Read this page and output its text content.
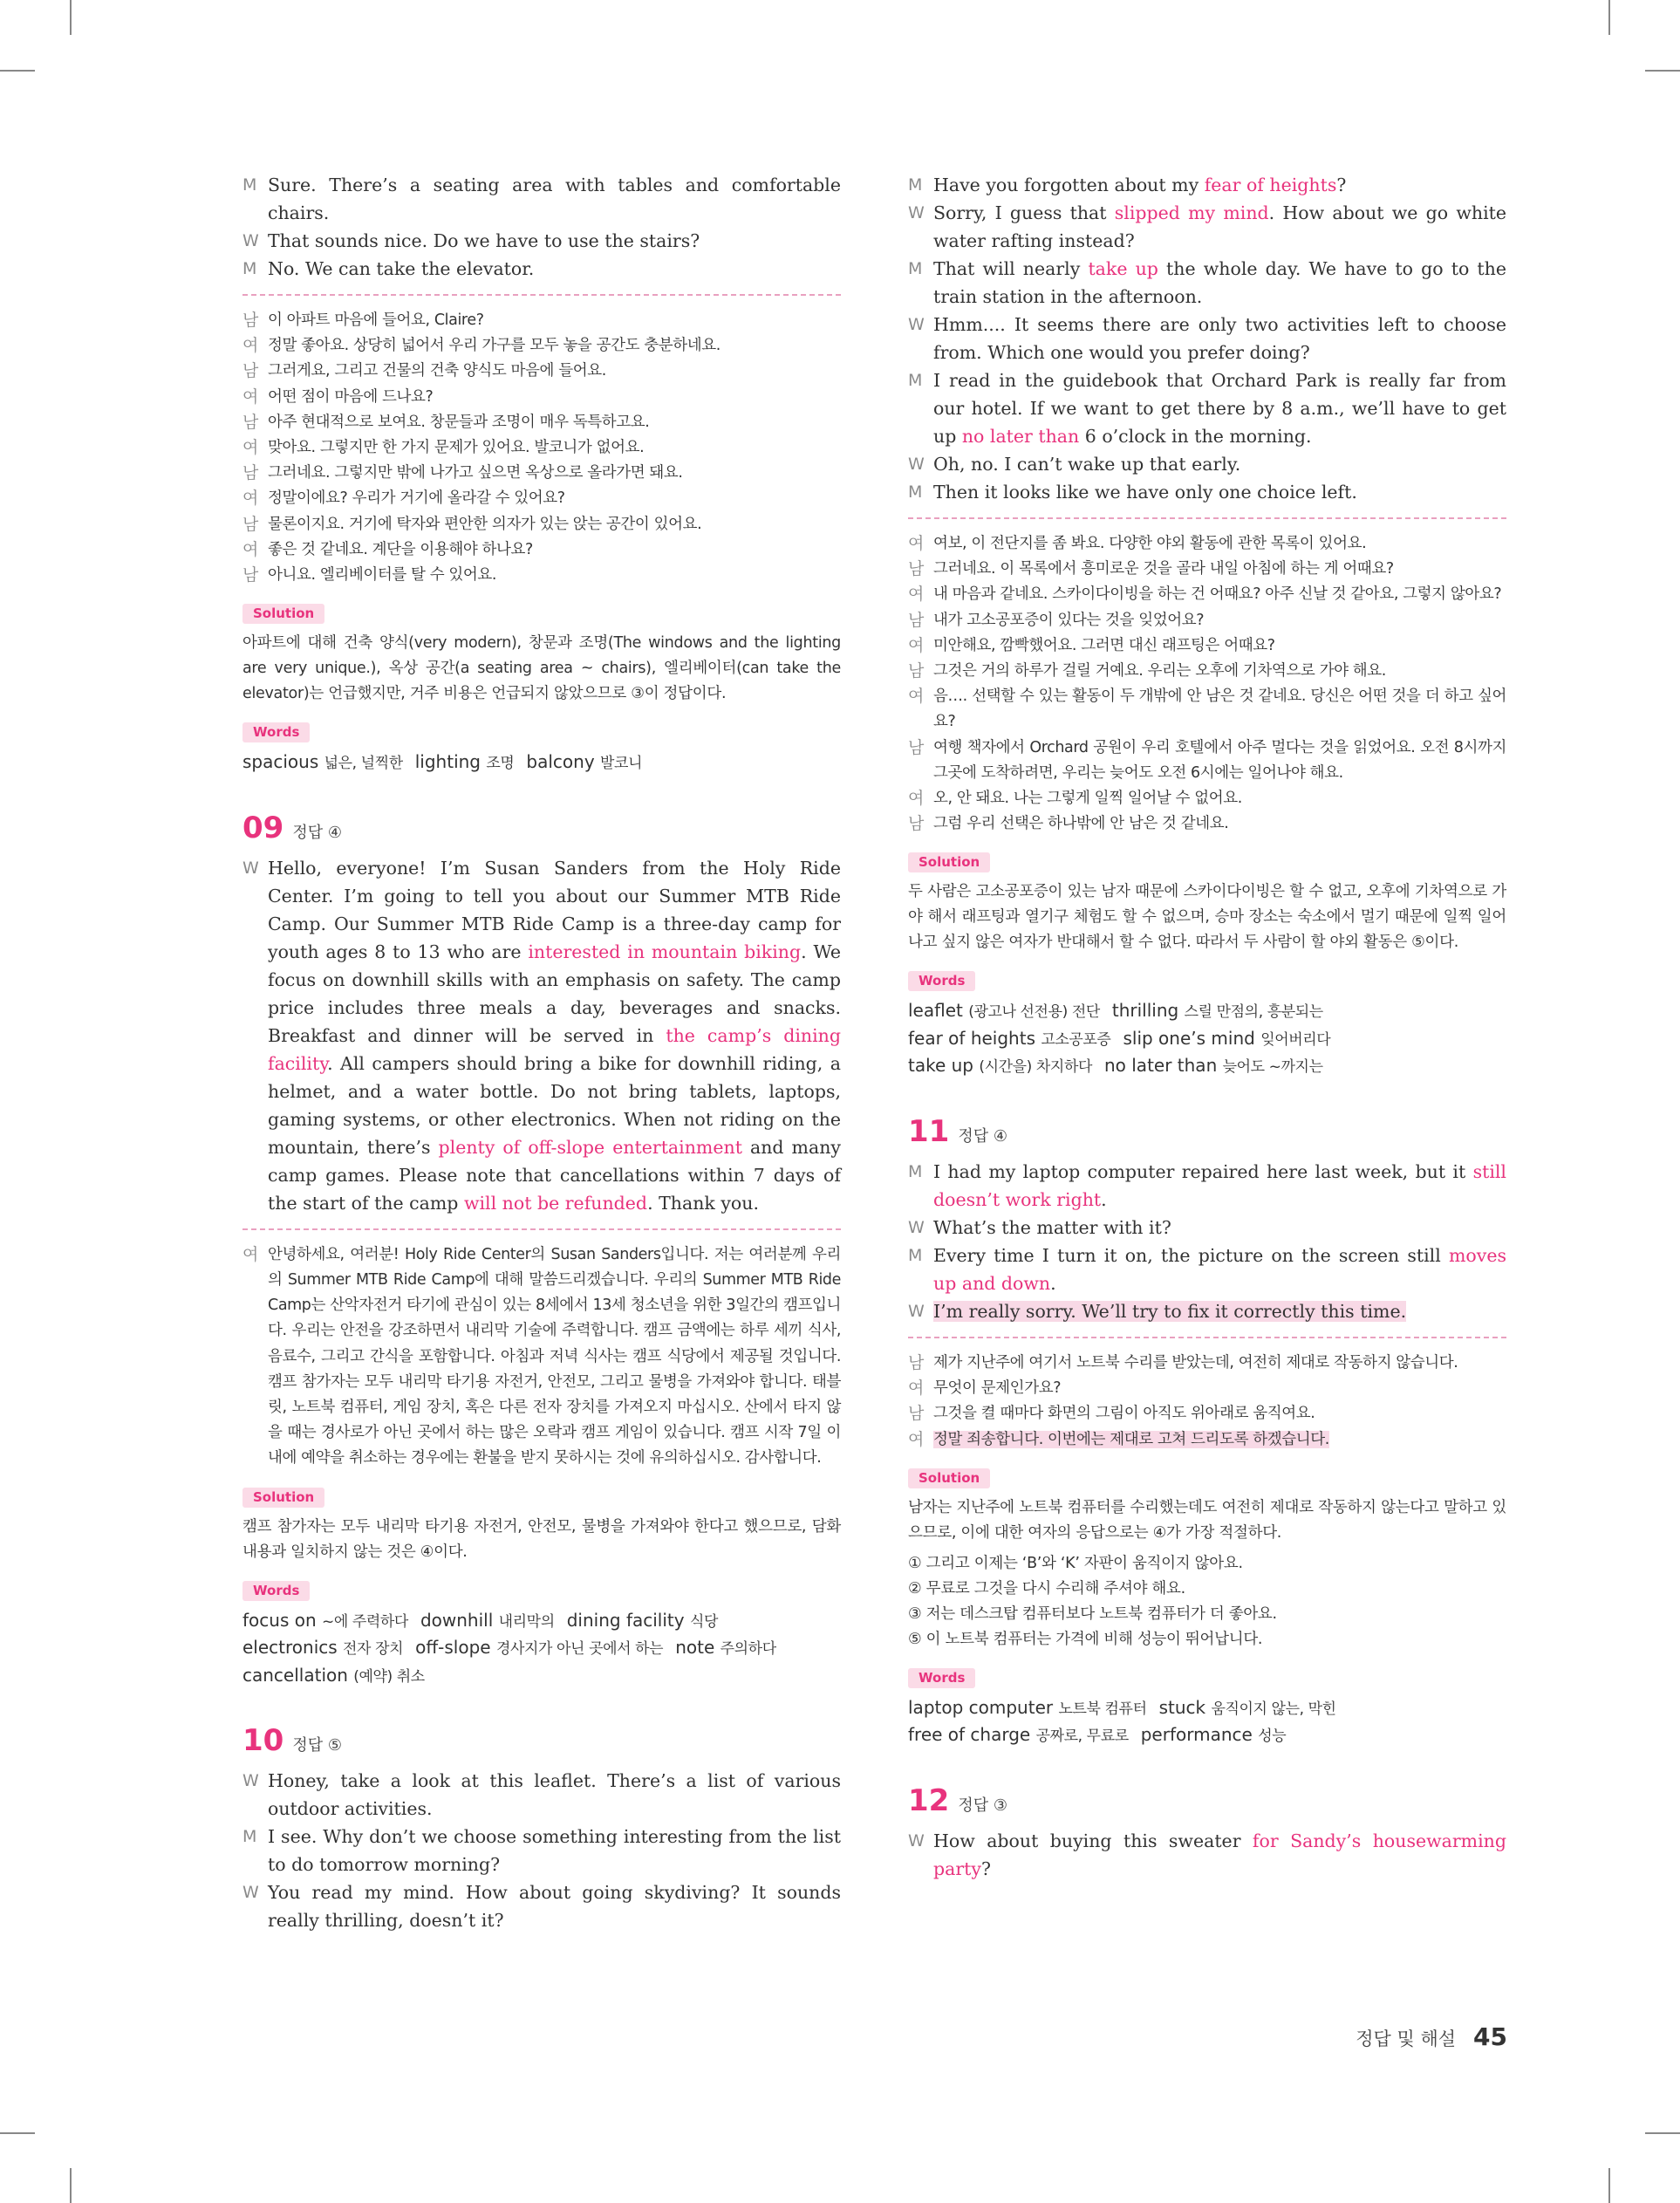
M Sure. There’s a seating area with tables and comfortable chairs.
W That sounds nice. Do we have to use the stairs?
M No. We can take the elevator.
남 이 아파트 마음에 들어요, Claire?
여 정말 좋아요. 상당히 넓어서 우리 가구를 모두 놓을 공간도 충분하네요.
남 그러게요, 그리고 건물의 건축 양식도 마음에 들어요.
여 어떤 점이 마음에 드나요?
남 아주 현대적으로 보여요. 창문들과 조명이 매우 독특하고요.
여 맞아요. 그렇지만 한 가지 문제가 있어요. 발코니가 없어요.
남 그러네요. 그렇지만 밖에 나가고 싶으면 옥상으로 올라가면 돼요.
여 정말이에요? 우리가 거기에 올라갈 수 있어요?
남 물론이지요. 거기에 탁자와 편안한 의자가 있는 앉는 공간이 있어요.
여 좋은 것 같네요. 계단을 이용해야 하나요?
남 아니요. 엘리베이터를 탈 수 있어요.
Solution

아파트에 대해 건축 양식(very modern), 창문과 조명(The windows and the lighting are very unique.), 옥상 공간(a seating area ~ chairs), 엘리베이터(can take the elevator)는 언급했지만, 거주 비용은 언급되지 않았으므로 ③이 정답이다.

Words
spacious 넓은, 널찍한 lighting 조명 balcony 발코니
09 정답 ④
W Hello, everyone! I’m Susan Sanders from the Holy Ride Center. I’m going to tell you about our Summer MTB Ride Camp. Our Summer MTB Ride Camp is a three-day camp for youth ages 8 to 13 who are interested in mountain biking. We focus on downhill skills with an emphasis on safety. The camp price includes three meals a day, beverages and snacks. Breakfast and dinner will be served in the camp’s dining facility. All campers should bring a bike for downhill riding, a helmet, and a water bottle. Do not bring tablets, laptops, gaming systems, or other electronics. When not riding on the mountain, there’s plenty of off-slope entertainment and many camp games. Please note that cancellations within 7 days of the start of the camp will not be refunded. Thank you.
여 안녕하세요, 여러분! Holy Ride Center의 Susan Sanders입니다. 저는 여러분께 우리의 Summer MTB Ride Camp에 대해 말씀드리겠습니다. 우리의 Summer MTB Ride Camp는 산악자전거 타기에 관심이 있는 8세에서 13세 청소년을 위한 3일간의 캠프입니다. 우리는 안전을 강조하면서 내리막 기술에 주력합니다. 캠프 금액에는 하루 세끼 식사, 음료수, 그리고 간식을 포함합니다. 아침과 저녁 식사는 캠프 식당에서 제공될 것입니다. 캠프 참가자는 모두 내리막 타기용 자전거, 안전모, 그리고 물병을 가져와야 합니다. 태블릿, 노트북 컴퓨터, 게임 장치, 혹은 다른 전자 장치를 가져오지 마십시오. 산에서 타지 않을 때는 경사로가 아닌 곳에서 하는 많은 오락과 캠프 게임이 있습니다. 캠프 시작 7일 이내에 예약을 취소하는 경우에는 환불을 받지 못하시는 것에 유의하십시오. 감사합니다.
Solution

캠프 참가자는 모두 내리막 타기용 자전거, 안전모, 물병을 가져와야 한다고 했으므로, 담화 내용과 일치하지 않는 것은 ④이다.

Words
focus on ~에 주력하다 downhill 내리막의 dining facility 식당
electronics 전자 장치 off-slope 경사지가 아닌 곳에서 하는 note 주의하다
cancellation (예약) 취소
10 정답 ⑤
W Honey, take a look at this leaflet. There’s a list of various outdoor activities.
M I see. Why don’t we choose something interesting from the list to do tomorrow morning?
W You read my mind. How about going skydiving? It sounds really thrilling, doesn’t it?
M Have you forgotten about my fear of heights?
W Sorry, I guess that slipped my mind. How about we go white water rafting instead?
M That will nearly take up the whole day. We have to go to the train station in the afternoon.
W Hmm.... It seems there are only two activities left to choose from. Which one would you prefer doing?
M I read in the guidebook that Orchard Park is really far from our hotel. If we want to get there by 8 a.m., we’ll have to get up no later than 6 o’clock in the morning.
W Oh, no. I can’t wake up that early.
M Then it looks like we have only one choice left.
여 여보, 이 전단지를 좀 봐요. 다양한 야외 활동에 관한 목록이 있어요.
남 그러네요. 이 목록에서 흥미로운 것을 골라 내일 아침에 하는 게 어때요?
여 내 마음과 같네요. 스카이다이빙을 하는 건 어때요? 아주 신날 것 같아요, 그렇지 않아요?
남 내가 고소공포증이 있다는 것을 잊었어요?
여 미안해요, 깜빡했어요. 그러면 대신 래프팅은 어때요?
남 그것은 거의 하루가 걸릴 거예요. 우리는 오후에 기차역으로 가야 해요.
여 음…. 선택할 수 있는 활동이 두 개밖에 안 남은 것 같네요. 당신은 어떤 것을 더 하고 싶어요?
남 여행 책자에서 Orchard 공원이 우리 호텔에서 아주 멀다는 것을 읽었어요. 오전 8시까지 그곳에 도착하려면, 우리는 늦어도 오전 6시에는 일어나야 해요.
여 오, 안 돼요. 나는 그렇게 일찍 일어날 수 없어요.
남 그럼 우리 선택은 하나밖에 안 남은 것 같네요.
Solution

두 사람은 고소공포증이 있는 남자 때문에 스카이다이빙은 할 수 없고, 오후에 기차역으로 가야 해서 래프팅과 열기구 체험도 할 수 없으며, 승마 장소는 숙소에서 멀기 때문에 일찍 일어나고 싶지 않은 여자가 반대해서 할 수 없다. 따라서 두 사람이 할 야외 활동은 ⑤이다.

Words
leaflet (광고나 선전용) 전단 thrilling 스릴 만점의, 흥분되는
fear of heights 고소공포증 slip one’s mind 잊어버리다
take up (시간을) 차지하다 no later than 늦어도 ~까지는
11 정답 ④
M I had my laptop computer repaired here last week, but it still doesn’t work right.
W What’s the matter with it?
M Every time I turn it on, the picture on the screen still moves up and down.
W I’m really sorry. We’ll try to fix it correctly this time.
남 제가 지난주에 여기서 노트북 수리를 받았는데, 여전히 제대로 작동하지 않습니다.
여 무엇이 문제인가요?
남 그것을 켤 때마다 화면의 그림이 아직도 위아래로 움직여요.
여 정말 죄송합니다. 이번에는 제대로 고쳐 드리도록 하겠습니다.
Solution

남자는 지난주에 노트북 컴퓨터를 수리했는데도 여전히 제대로 작동하지 않는다고 말하고 있으므로, 이에 대한 여자의 응답으로는 ④가 가장 적절하다.

① 그리고 이제는 ‘B’와 ‘K’ 자판이 움직이지 않아요.
② 무료로 그것을 다시 수리해 주셔야 해요.
③ 저는 데스크탑 컴퓨터보다 노트북 컴퓨터가 더 좋아요.
⑤ 이 노트북 컴퓨터는 가격에 비해 성능이 뛰어납니다.
Words
laptop computer 노트북 컴퓨터 stuck 움직이지 않는, 막힌
free of charge 공짜로, 무료로 performance 성능
12 정답 ③
W How about buying this sweater for Sandy’s housewarming party?
정답 및 해설 45
